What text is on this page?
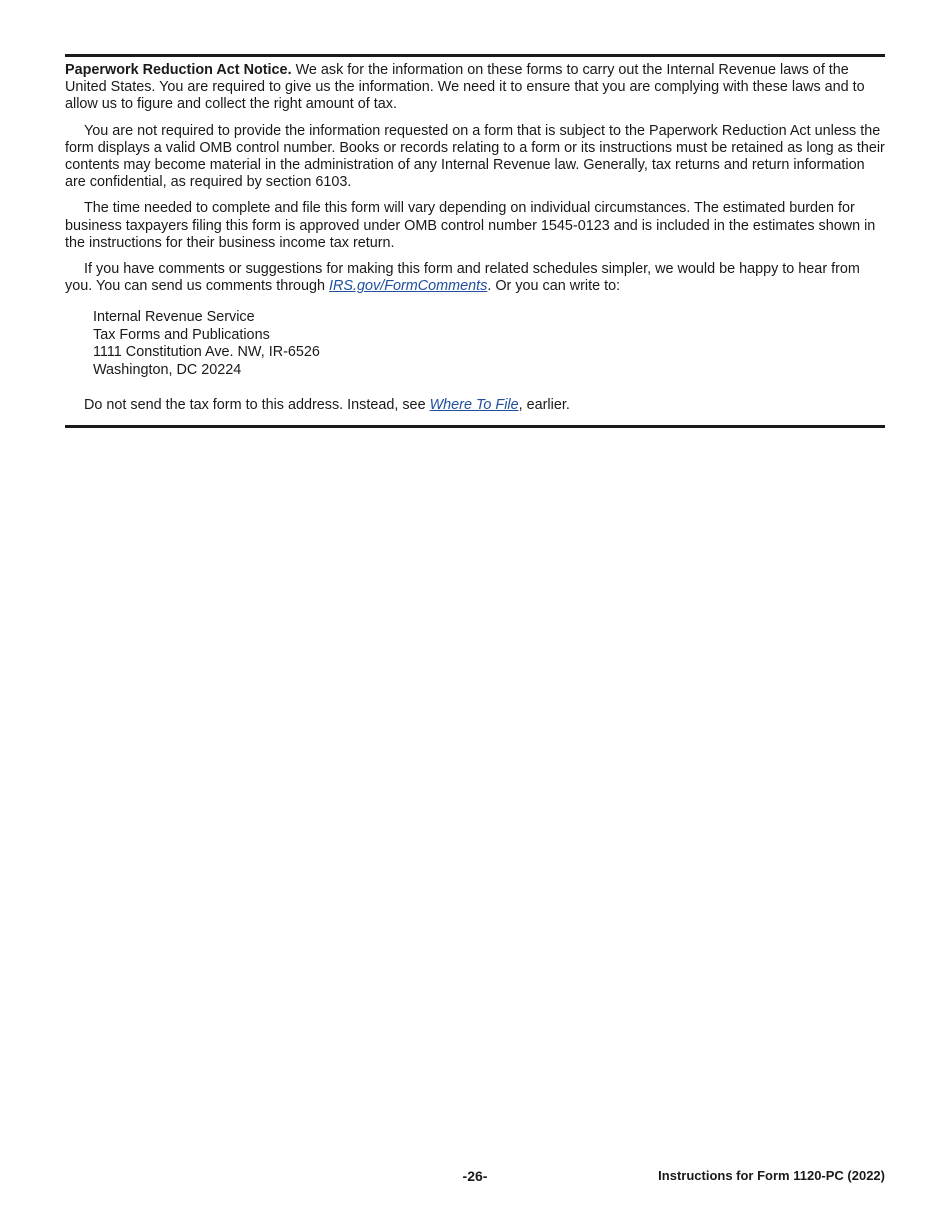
Paperwork Reduction Act Notice. We ask for the information on these forms to carry out the Internal Revenue laws of the United States. You are required to give us the information. We need it to ensure that you are complying with these laws and to allow us to figure and collect the right amount of tax.

You are not required to provide the information requested on a form that is subject to the Paperwork Reduction Act unless the form displays a valid OMB control number. Books or records relating to a form or its instructions must be retained as long as their contents may become material in the administration of any Internal Revenue law. Generally, tax returns and return information are confidential, as required by section 6103.

The time needed to complete and file this form will vary depending on individual circumstances. The estimated burden for business taxpayers filing this form is approved under OMB control number 1545-0123 and is included in the estimates shown in the instructions for their business income tax return.

If you have comments or suggestions for making this form and related schedules simpler, we would be happy to hear from you. You can send us comments through IRS.gov/FormComments. Or you can write to:

Internal Revenue Service
Tax Forms and Publications
1111 Constitution Ave. NW, IR-6526
Washington, DC 20224

Do not send the tax form to this address. Instead, see Where To File, earlier.

-26-	Instructions for Form 1120-PC (2022)
